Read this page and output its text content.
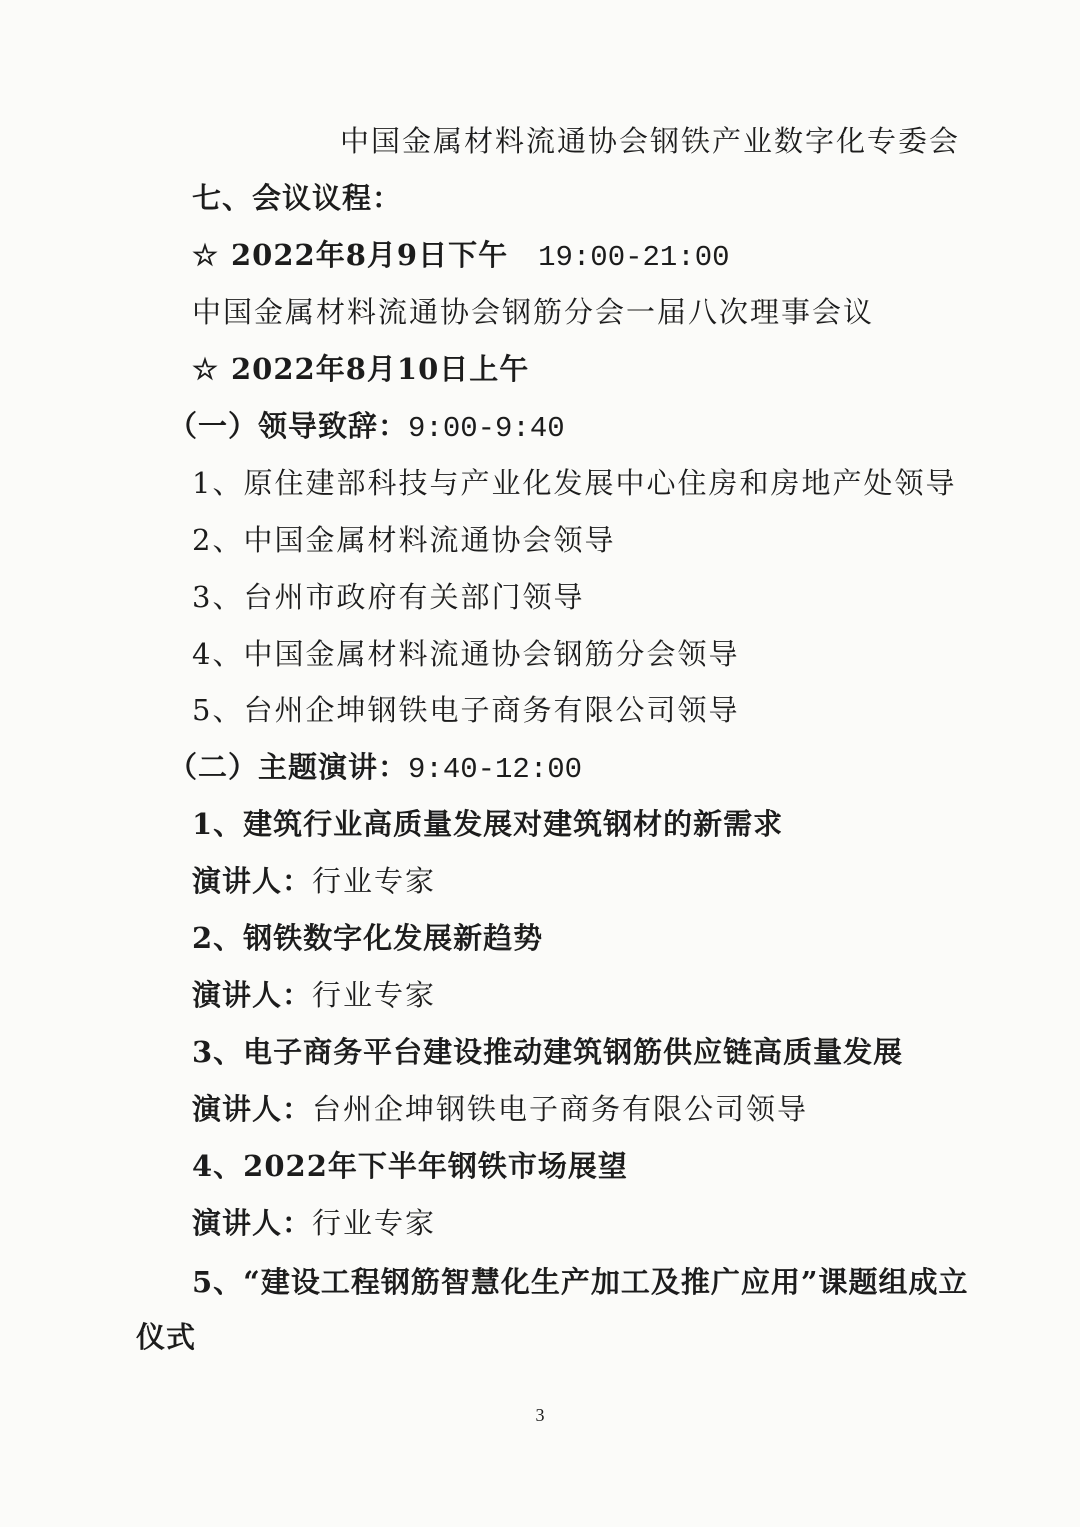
中国金属材料流通协会钢铁产业数字化专委会
七、会议议程：
☆ 2022年8月9日下午 19:00-21:00
中国金属材料流通协会钢筋分会一届八次理事会议
☆ 2022年8月10日上午
（一）领导致辞：9:00-9:40
1、原住建部科技与产业化发展中心住房和房地产处领导
2、中国金属材料流通协会领导
3、台州市政府有关部门领导
4、中国金属材料流通协会钢筋分会领导
5、台州企坤钢铁电子商务有限公司领导
（二）主题演讲：9:40-12:00
1、建筑行业高质量发展对建筑钢材的新需求
演讲人：行业专家
2、钢铁数字化发展新趋势
演讲人：行业专家
3、电子商务平台建设推动建筑钢筋供应链高质量发展
演讲人：台州企坤钢铁电子商务有限公司领导
4、2022年下半年钢铁市场展望
演讲人：行业专家
5、“建设工程钢筋智慧化生产加工及推广应用”课题组成立
仪式
3
